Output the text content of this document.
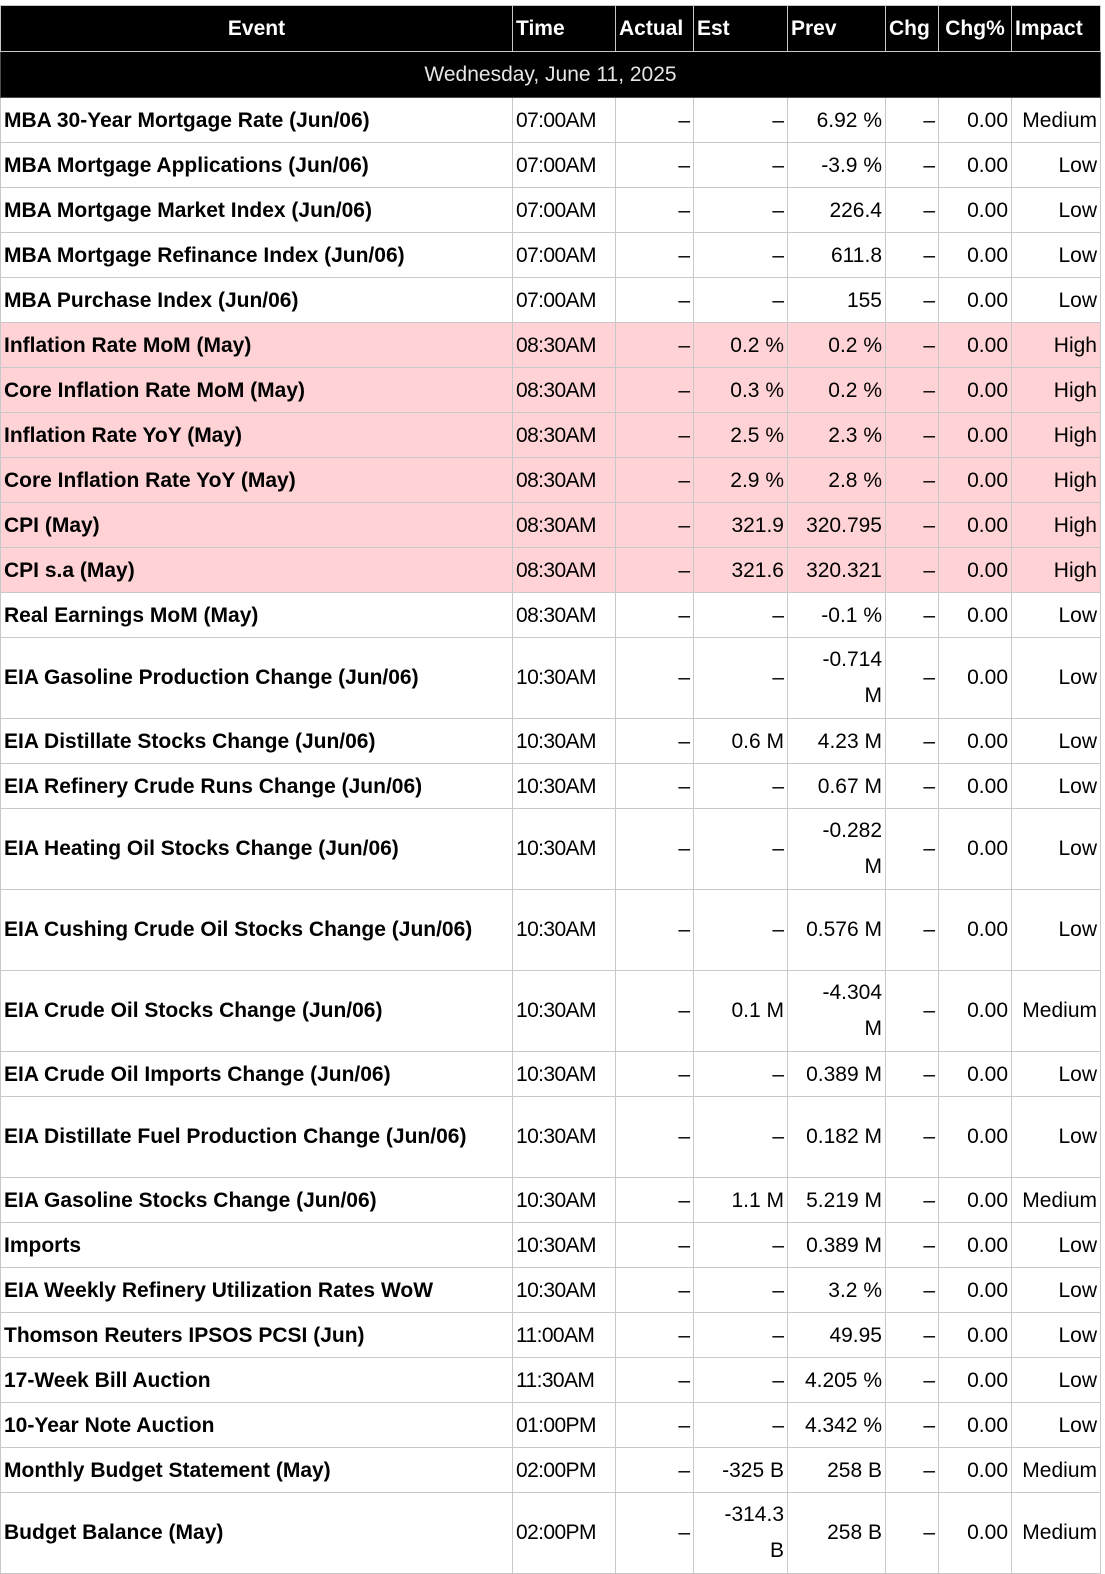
Event	Time	Actual	Est	Prev	Chg	Chg%	Impact
Wednesday, June 11, 2025							
MBA 30-Year Mortgage Rate (Jun/06)	07:00AM	–	–	6.92 %	–	0.00	Medium
MBA Mortgage Applications (Jun/06)	07:00AM	–	–	-3.9 %	–	0.00	Low
MBA Mortgage Market Index (Jun/06)	07:00AM	–	–	226.4	–	0.00	Low
MBA Mortgage Refinance Index (Jun/06)	07:00AM	–	–	611.8	–	0.00	Low
MBA Purchase Index (Jun/06)	07:00AM	–	–	155	–	0.00	Low
Inflation Rate MoM (May)	08:30AM	–	0.2 %	0.2 %	–	0.00	High
Core Inflation Rate MoM (May)	08:30AM	–	0.3 %	0.2 %	–	0.00	High
Inflation Rate YoY (May)	08:30AM	–	2.5 %	2.3 %	–	0.00	High
Core Inflation Rate YoY (May)	08:30AM	–	2.9 %	2.8 %	–	0.00	High
CPI (May)	08:30AM	–	321.9	320.795	–	0.00	High
CPI s.a (May)	08:30AM	–	321.6	320.321	–	0.00	High
Real Earnings MoM (May)	08:30AM	–	–	-0.1 %	–	0.00	Low
EIA Gasoline Production Change (Jun/06)	10:30AM	–	–	-0.714 M	–	0.00	Low
EIA Distillate Stocks Change (Jun/06)	10:30AM	–	0.6 M	4.23 M	–	0.00	Low
EIA Refinery Crude Runs Change (Jun/06)	10:30AM	–	–	0.67 M	–	0.00	Low
EIA Heating Oil Stocks Change (Jun/06)	10:30AM	–	–	-0.282 M	–	0.00	Low
EIA Cushing Crude Oil Stocks Change (Jun/06)	10:30AM	–	–	0.576 M	–	0.00	Low
EIA Crude Oil Stocks Change (Jun/06)	10:30AM	–	0.1 M	-4.304 M	–	0.00	Medium
EIA Crude Oil Imports Change (Jun/06)	10:30AM	–	–	0.389 M	–	0.00	Low
EIA Distillate Fuel Production Change (Jun/06)	10:30AM	–	–	0.182 M	–	0.00	Low
EIA Gasoline Stocks Change (Jun/06)	10:30AM	–	1.1 M	5.219 M	–	0.00	Medium
Imports	10:30AM	–	–	0.389 M	–	0.00	Low
EIA Weekly Refinery Utilization Rates WoW	10:30AM	–	–	3.2 %	–	0.00	Low
Thomson Reuters IPSOS PCSI (Jun)	11:00AM	–	–	49.95	–	0.00	Low
17-Week Bill Auction	11:30AM	–	–	4.205 %	–	0.00	Low
10-Year Note Auction	01:00PM	–	–	4.342 %	–	0.00	Low
Monthly Budget Statement (May)	02:00PM	–	-325 B	258 B	–	0.00	Medium
Budget Balance (May)	02:00PM	–	-314.3 B	258 B	–	0.00	Medium
